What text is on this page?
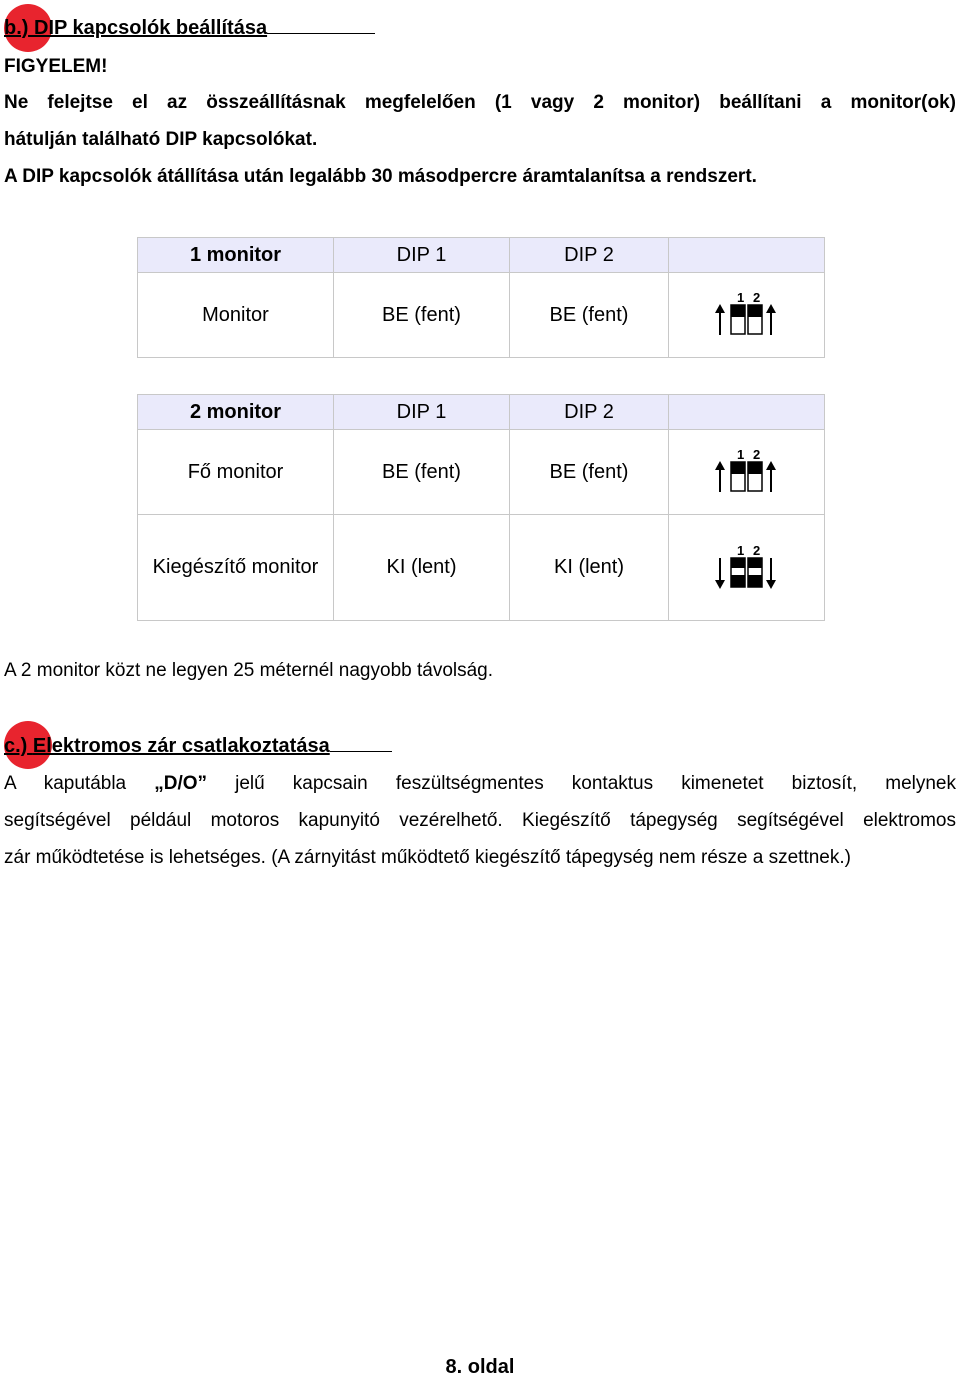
b.) DIP kapcsolók beállítása
FIGYELEM!
Ne felejtse el az összeállításnak megfelelően (1 vagy 2 monitor) beállítani a monitor(ok)
hátulján található DIP kapcsolókat.
A DIP kapcsolók átállítása után legalább 30 másodpercre áramtalanítsa a rendszert.
1 monitor	DIP 1	DIP 2	
Monitor	BE (fent)	BE (fent)	1 2
2 monitor	DIP 1	DIP 2	
Fő monitor	BE (fent)	BE (fent)	1 2

Kiegészítő monitor	KI (lent)	KI (lent)	1 2
A 2 monitor közt ne legyen 25 méternél nagyobb távolság.
c.) Elektromos zár csatlakoztatása
A kaputábla „D/O” jelű kapcsain feszültségmentes kontaktus kimenetet biztosít, melynek
segítségével például motoros kapunyitó vezérelhető. Kiegészítő tápegység segítségével elektromos
zár működtetése is lehetséges. (A zárnyitást működtető kiegészítő tápegység nem része a szettnek.)
8. oldal
